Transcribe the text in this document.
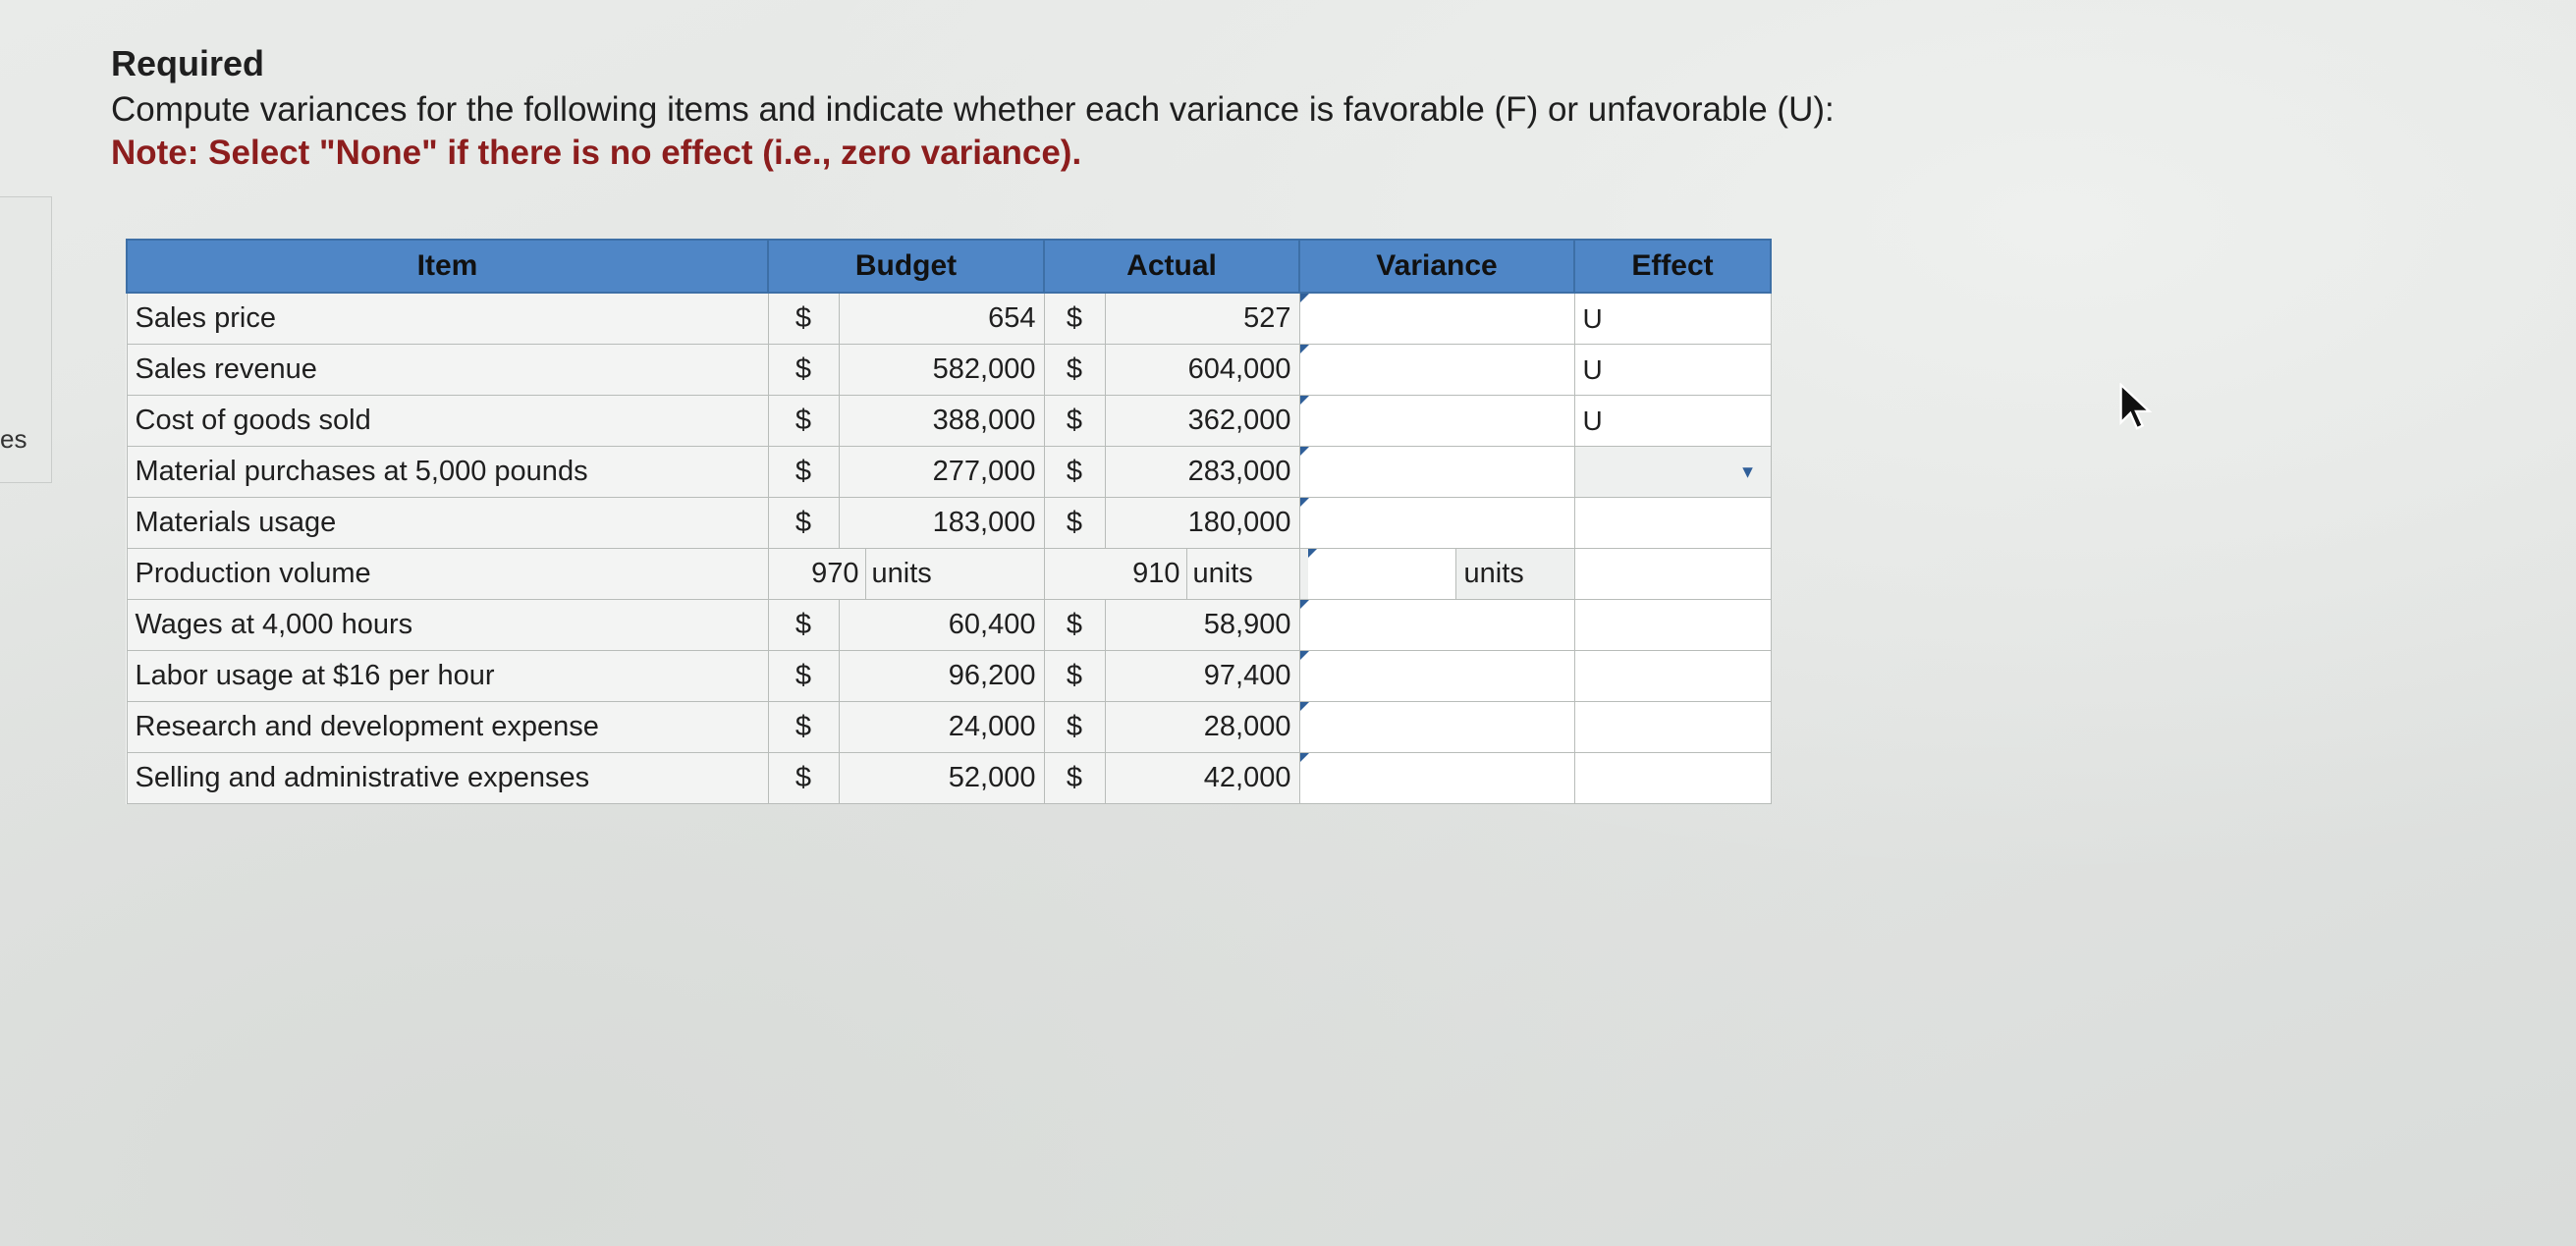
es

Required

Compute variances for the following items and indicate whether each variance is favorable (F) or unfavorable (U):

Note: Select "None" if there is no effect (i.e., zero variance).

Item	Budget		Actual		Variance	Effect
Sales price	$	654	$	527		U
Sales revenue	$	582,000	$	604,000		U
Cost of goods sold	$	388,000	$	362,000		U
Material purchases at 5,000 pounds	$	277,000	$	283,000		▼

Materials usage	$	183,000	$	180,000	

Production volume	970 units		910 units		units	

Wages at 4,000 hours	$	60,400	$	58,900	

Labor usage at $16 per hour	$	96,200	$	97,400	

Research and development expense	$	24,000	$	28,000	

Selling and administrative expenses	$	52,000	$	42,000	
